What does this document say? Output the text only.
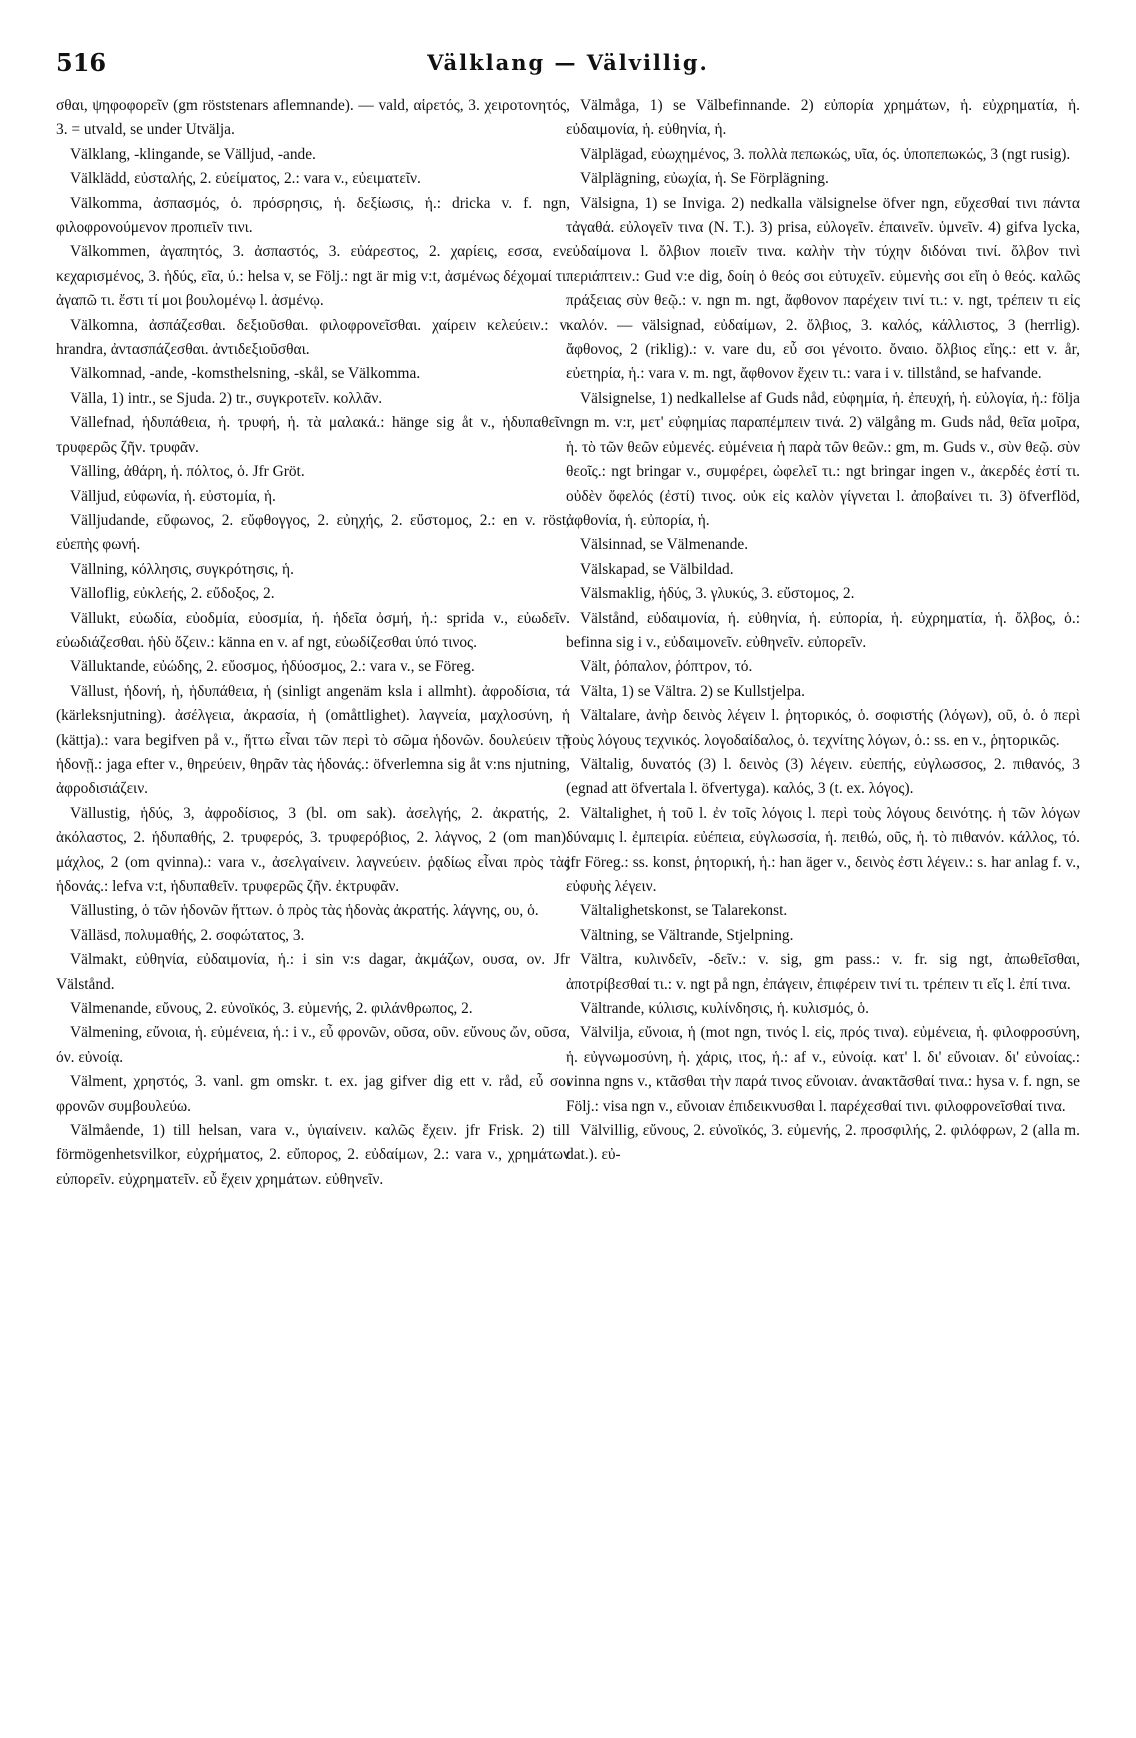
516	Välklang — Välvillig.

σθαι, ψηφοφορεῖν (gm röststenars aflemnande). — vald, αἱρετός, 3. χειροτονητός, 3. = utvald, se under Utvälja.

Välklang, -klingande, se Välljud, -ande.

Välklädd, εὐσταλής, 2. εὐείματος, 2.: vara v., εὐειματεῖν.

Välkomma, ἀσπασμός, ὁ. πρόσρησις, ἡ. δεξίωσις, ἡ.: dricka v. f. ngn, φιλοφρονούμενον προπιεῖν τινι.

Välkommen, ἀγαπητός, 3. ἀσπαστός, 3. εὐάρεστος, 2. χαρίεις, εσσα, εν. κεχαρισμένος, 3. ἡδύς, εῖα, ύ.: helsa v, se Följ.: ngt är mig v:t, ἀσμένως δέχομαί τι. ἀγαπῶ τι. ἔστι τί μοι βουλομένῳ l. ἀσμένῳ.

Välkomna, ἀσπάζεσθαι. δεξιοῦσθαι. φιλοφρονεῖσθαι. χαίρειν κελεύειν.: v. hrandra, ἀντασπάζεσθαι. ἀντιδεξιοῦσθαι.

Välkomnad, -ande, -komsthelsning, -skål, se Välkomma.

Välla, 1) intr., se Sjuda. 2) tr., συγκροτεῖν. κολλᾶν.

Vällefnad, ἡδυπάθεια, ἡ. τρυφή, ἡ. τὰ μαλακά.: hänge sig åt v., ἡδυπαθεῖν. τρυφερῶς ζῆν. τρυφᾶν.

Välling, ἀθάρη, ἡ. πόλτος, ὁ. Jfr Gröt.

Välljud, εὐφωνία, ἡ. εὐστομία, ἡ.

Välljudande, εὔφωνος, 2. εὔφθογγος, 2. εὐηχής, 2. εὔστομος, 2.: en v. röst, εὐεπὴς φωνή.

Vällning, κόλλησις, συγκρότησις, ἡ.

Välloflig, εὐκλεής, 2. εὔδοξος, 2.

Vällukt, εὐωδία, εὐοδμία, εὐοσμία, ἡ. ἡδεῖα ὀσμή, ἡ.: sprida v., εὐωδεῖν. εὐωδιάζεσθαι. ἡδὺ ὄζειν.: känna en v. af ngt, εὐωδίζεσθαι ὑπό τινος.

Välluktande, εὐώδης, 2. εὔοσμος, ἡδύοσμος, 2.: vara v., se Föreg.

Vällust, ἡδονή, ἡ, ἡδυπάθεια, ἡ (sinligt angenäm ksla i allmht). ἀφροδίσια, τά (kärleksnjutning). ἀσέλγεια, ἀκρασία, ἡ (omåttlighet). λαγνεία, μαχλοσύνη, ἡ (kättja).: vara begifven på v., ἥττω εἶναι τῶν περὶ τὸ σῶμα ἡδονῶν. δουλεύειν τῇ ἡδονῇ.: jaga efter v., θηρεύειν, θηρᾶν τὰς ἡδονάς.: öfverlemna sig åt v:ns njutning, ἀφροδισιάζειν.

Vällustig, ἡδύς, 3, ἀφροδίσιος, 3 (bl. om sak). ἀσελγής, 2. ἀκρατής, 2. ἀκόλαστος, 2. ἡδυπαθής, 2. τρυφερός, 3. τρυφερόβιος, 2. λάγνος, 2 (om man). μάχλος, 2 (om qvinna).: vara v., ἀσελγαίνειν. λαγνεύειν. ῥᾳδίως εἶναι πρὸς τὰς ἡδονάς.: lefva v:t, ἡδυπαθεῖν. τρυφερῶς ζῆν. ἐκτρυφᾶν.

Vällusting, ὁ τῶν ἡδονῶν ἥττων. ὁ πρὸς τὰς ἡδονὰς ἀκρατής. λάγνης, ου, ὁ.

Välläsd, πολυμαθής, 2. σοφώτατος, 3.

Välmakt, εὐθηνία, εὐδαιμονία, ἡ.: i sin v:s dagar, ἀκμάζων, ουσα, ον. Jfr Välstånd.

Välmenande, εὔνους, 2. εὐνοϊκός, 3. εὐμενής, 2. φιλάνθρωπος, 2.

Välmening, εὔνοια, ἡ. εὐμένεια, ἡ.: i v., εὖ φρονῶν, οῦσα, οῦν. εὔνους ὤν, οῦσα, όν. εὐνοίᾳ.

Välment, χρηστός, 3. vanl. gm omskr. t. ex. jag gifver dig ett v. råd, εὖ σοι φρονῶν συμβουλεύω.

Välmående, 1) till helsan, vara v., ὑγιαίνειν. καλῶς ἔχειν. jfr Frisk. 2) till förmögenhetsvilkor, εὐχρήματος, 2. εὔπορος, 2. εὐδαίμων, 2.: vara v., χρημάτων εὐπορεῖν. εὐχρηματεῖν. εὖ ἔχειν χρημάτων. εὐθηνεῖν.

Välmåga, 1) se Välbefinnande. 2) εὐπορία χρημάτων, ἡ. εὐχρηματία, ἡ. εὐδαιμονία, ἡ. εὐθηνία, ἡ.

Välplägad, εὐωχημένος, 3. πολλὰ πεπωκώς, υῖα, ός. ὑποπεπωκώς, 3 (ngt rusig).

Välplägning, εὐωχία, ἡ. Se Förplägning.

Välsigna, 1) se Inviga. 2) nedkalla välsignelse öfver ngn, εὔχεσθαί τινι πάντα τἀγαθά. εὐλογεῖν τινα (N. T.). 3) prisa, εὐλογεῖν. ἐπαινεῖν. ὑμνεῖν. 4) gifva lycka, εὐδαίμονα l. ὄλβιον ποιεῖν τινα. καλὴν τὴν τύχην διδόναι τινί. ὄλβον τινὶ περιάπτειν.: Gud v:e dig, δοίη ὁ θεός σοι εὐτυχεῖν. εὐμενὴς σοι εἴη ὁ θεός. καλῶς πράξειας σὺν θεῷ.: v. ngn m. ngt, ἄφθονον παρέχειν τινί τι.: v. ngt, τρέπειν τι εἰς καλόν. — välsignad, εὐδαίμων, 2. ὄλβιος, 3. καλός, κάλλιστος, 3 (herrlig). ἄφθονος, 2 (riklig).: v. vare du, εὖ σοι γένοιτο. ὄναιο. ὄλβιος εἴης.: ett v. år, εὐετηρία, ἡ.: vara v. m. ngt, ἄφθονον ἔχειν τι.: vara i v. tillstånd, se hafvande.

Välsignelse, 1) nedkallelse af Guds nåd, εὐφημία, ἡ. ἐπευχή, ἡ. εὐλογία, ἡ.: följa ngn m. v:r, μετ' εὐφημίας παραπέμπειν τινά. 2) välgång m. Guds nåd, θεῖα μοῖρα, ἡ. τὸ τῶν θεῶν εὐμενές. εὐμένεια ἡ παρὰ τῶν θεῶν.: gm, m. Guds v., σὺν θεῷ. σὺν θεοῖς.: ngt bringar v., συμφέρει, ὠφελεῖ τι.: ngt bringar ingen v., ἀκερδές ἐστί τι. οὐδὲν ὄφελός (ἐστί) τινος. οὐκ εἰς καλὸν γίγνεται l. ἀποβαίνει τι. 3) öfverflöd, ἀφθονία, ἡ. εὐπορία, ἡ.

Välsinnad, se Välmenande.

Välskapad, se Välbildad.

Välsmaklig, ἡδύς, 3. γλυκύς, 3. εὔστομος, 2.

Välstånd, εὐδαιμονία, ἡ. εὐθηνία, ἡ. εὐπορία, ἡ. εὐχρηματία, ἡ. ὄλβος, ὁ.: befinna sig i v., εὐδαιμονεῖν. εὐθηνεῖν. εὐπορεῖν.

Vält, ῥόπαλον, ῥόπτρον, τό.

Välta, 1) se Vältra. 2) se Kullstjelpa.

Vältalare, ἀνὴρ δεινὸς λέγειν l. ῥητορικός, ὁ. σοφιστής (λόγων), οῦ, ὁ. ὁ περὶ τοὺς λόγους τεχνικός. λογοδαίδαλος, ὁ. τεχνίτης λόγων, ὁ.: ss. en v., ῥητορικῶς.

Vältalig, δυνατός (3) l. δεινὸς (3) λέγειν. εὐεπής, εὐγλωσσος, 2. πιθανός, 3 (egnad att öfvertala l. öfvertyga). καλός, 3 (t. ex. λόγος).

Vältalighet, ἡ τοῦ l. ἐν τοῖς λόγοις l. περὶ τοὺς λόγους δεινότης. ἡ τῶν λόγων δύναμις l. ἐμπειρία. εὐέπεια, εὐγλωσσία, ἡ. πειθώ, οῦς, ἡ. τὸ πιθανόν. κάλλος, τό. jfr Föreg.: ss. konst, ῥητορική, ἡ.: han äger v., δεινὸς ἐστι λέγειν.: s. har anlag f. v., εὐφυὴς λέγειν.

Vältalighetskonst, se Talarekonst.

Vältning, se Vältrande, Stjelpning.

Vältra, κυλινδεῖν, -δεῖν.: v. sig, gm pass.: v. fr. sig ngt, ἀπωθεῖσθαι, ἀποτρίβεσθαί τι.: v. ngt på ngn, ἐπάγειν, ἐπιφέρειν τινί τι. τρέπειν τι εἴς l. ἐπί τινα.

Vältrande, κύλισις, κυλίνδησις, ἡ. κυλισμός, ὁ.

Välvilja, εὔνοια, ἡ (mot ngn, τινός l. εἰς, πρός τινα). εὐμένεια, ἡ. φιλοφροσύνη, ἡ. εὐγνωμοσύνη, ἡ. χάρις, ιτος, ἡ.: af v., εὐνοίᾳ. κατ' l. δι' εὔνοιαν. δι' εὐνοίας.: vinna ngns v., κτᾶσθαι τὴν παρά τινος εὔνοιαν. ἀνακτᾶσθαί τινα.: hysa v. f. ngn, se Följ.: visa ngn v., εὔνοιαν ἐπιδεικνυσθαι l. παρέχεσθαί τινι. φιλοφρονεῖσθαί τινα.

Välvillig, εὔνους, 2. εὐνοϊκός, 3. εὐμενής, 2. προσφιλής, 2. φιλόφρων, 2 (alla m. dat.). εὐ-
